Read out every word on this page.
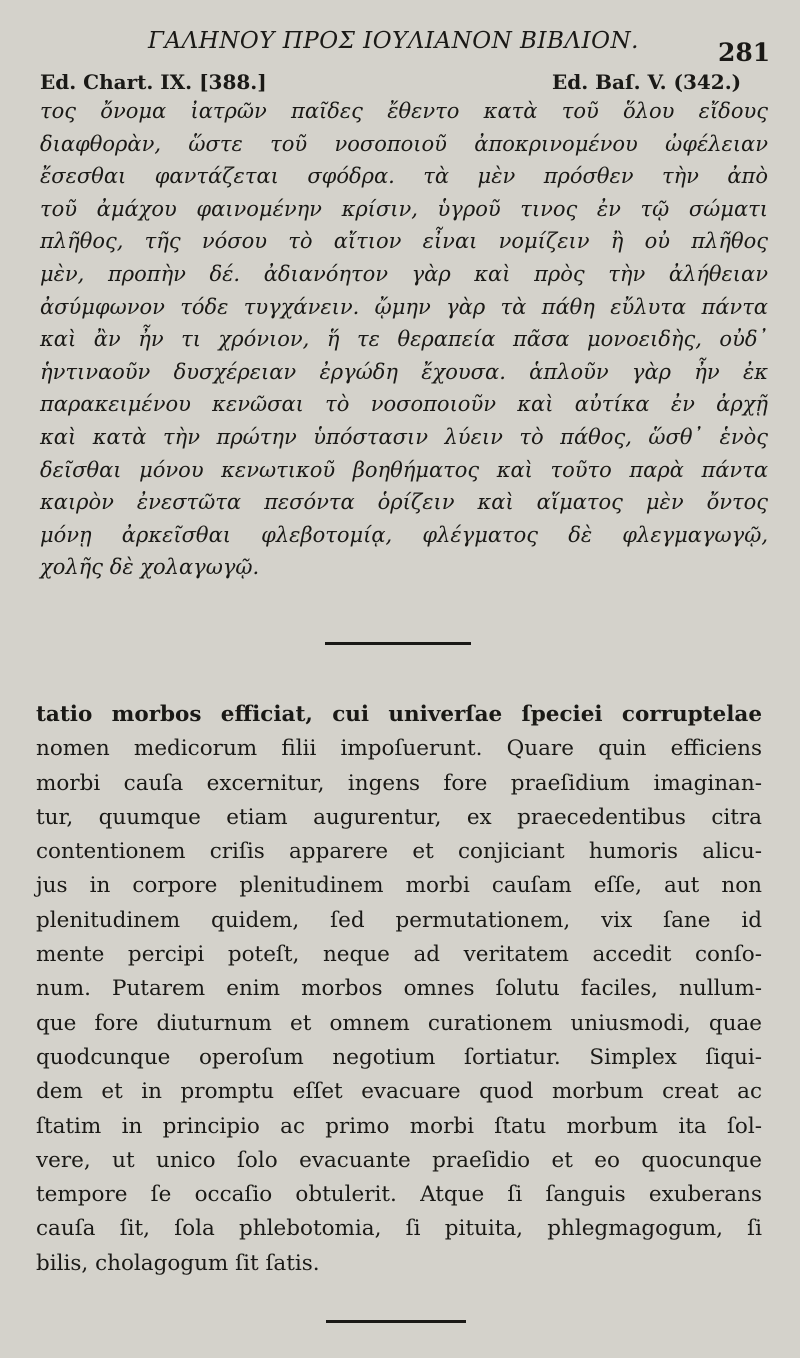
ΓΑΛΗΝΟΥ ΠΡΟΣ ΙΟΥΛΙΑΝΟΝ ΒΙΒΛΙΟΝ.	281
Ed. Chart. IX. [388.]	Ed. Baſ. V. (342.)
τος ὄνομα ἰατρῶν παῖδες ἔθεντο κατὰ τοῦ ὅλου εἴδους
διαφθορὰν, ὥστε τοῦ νοσοποιοῦ ἀποκρινομένου ὠφέλειαν
ἔσεσθαι φαντάζεται σφόδρα. τὰ μὲν πρόσθεν τὴν ἀπὸ
τοῦ ἀμάχου φαινομένην κρίσιν, ὑγροῦ τινος ἐν τῷ σώματι
πλῆθος, τῆς νόσου τὸ αἴτιον εἶναι νομίζειν ἢ οὐ πλῆθος
μὲν, προπὴν δέ. ἀδιανόητον γὰρ καὶ πρὸς τὴν ἀλήθειαν
ἀσύμφωνον τόδε τυγχάνειν. ᾤμην γὰρ τὰ πάθη εὔλυτα πάντα
καὶ ἂν ἦν τι χρόνιον, ἥ τε θεραπεία πᾶσα μονοειδὴς, οὐδ᾿
ἡντιναοῦν δυσχέρειαν ἐργώδη ἔχουσα. ἁπλοῦν γὰρ ἦν ἐκ
παρακειμένου κενῶσαι τὸ νοσοποιοῦν καὶ αὐτίκα ἐν ἀρχῇ
καὶ κατὰ τὴν πρώτην ὑπόστασιν λύειν τὸ πάθος, ὥσθ᾿ ἑνὸς
δεῖσθαι μόνου κενωτικοῦ βοηθήματος καὶ τοῦτο παρὰ πάντα
καιρὸν ἐνεστῶτα πεσόντα ὁρίζειν καὶ αἵματος μὲν ὄντος
μόνῃ ἀρκεῖσθαι φλεβοτομίᾳ, φλέγματος δὲ φλεγμαγωγῷ,
χολῆς δὲ χολαγωγῷ.
tatio morbos efficiat, cui univerſae ſpeciei corruptelae
nomen medicorum filii impoſuerunt. Quare quin efficiens
morbi cauſa excernitur, ingens fore praeſidium imaginan-
tur, quumque etiam augurentur, ex praecedentibus citra
contentionem criſis apparere et conjiciant humoris alicu-
jus in corpore plenitudinem morbi cauſam eſſe, aut non
plenitudinem quidem, ſed permutationem, vix ſane id
mente percipi poteſt, neque ad veritatem accedit conſo-
num. Putarem enim morbos omnes ſolutu faciles, nullum-
que fore diuturnum et omnem curationem uniusmodi, quae
quodcunque operoſum negotium ſortiatur. Simplex ſiqui-
dem et in promptu eſſet evacuare quod morbum creat ac
ſtatim in principio ac primo morbi ſtatu morbum ita ſol-
vere, ut unico ſolo evacuante praeſidio et eo quocunque
tempore ſe occaſio obtulerit. Atque ſi ſanguis exuberans
cauſa ſit, ſola phlebotomia, ſi pituita, phlegmagogum, ſi
bilis, cholagogum ſit ſatis.
